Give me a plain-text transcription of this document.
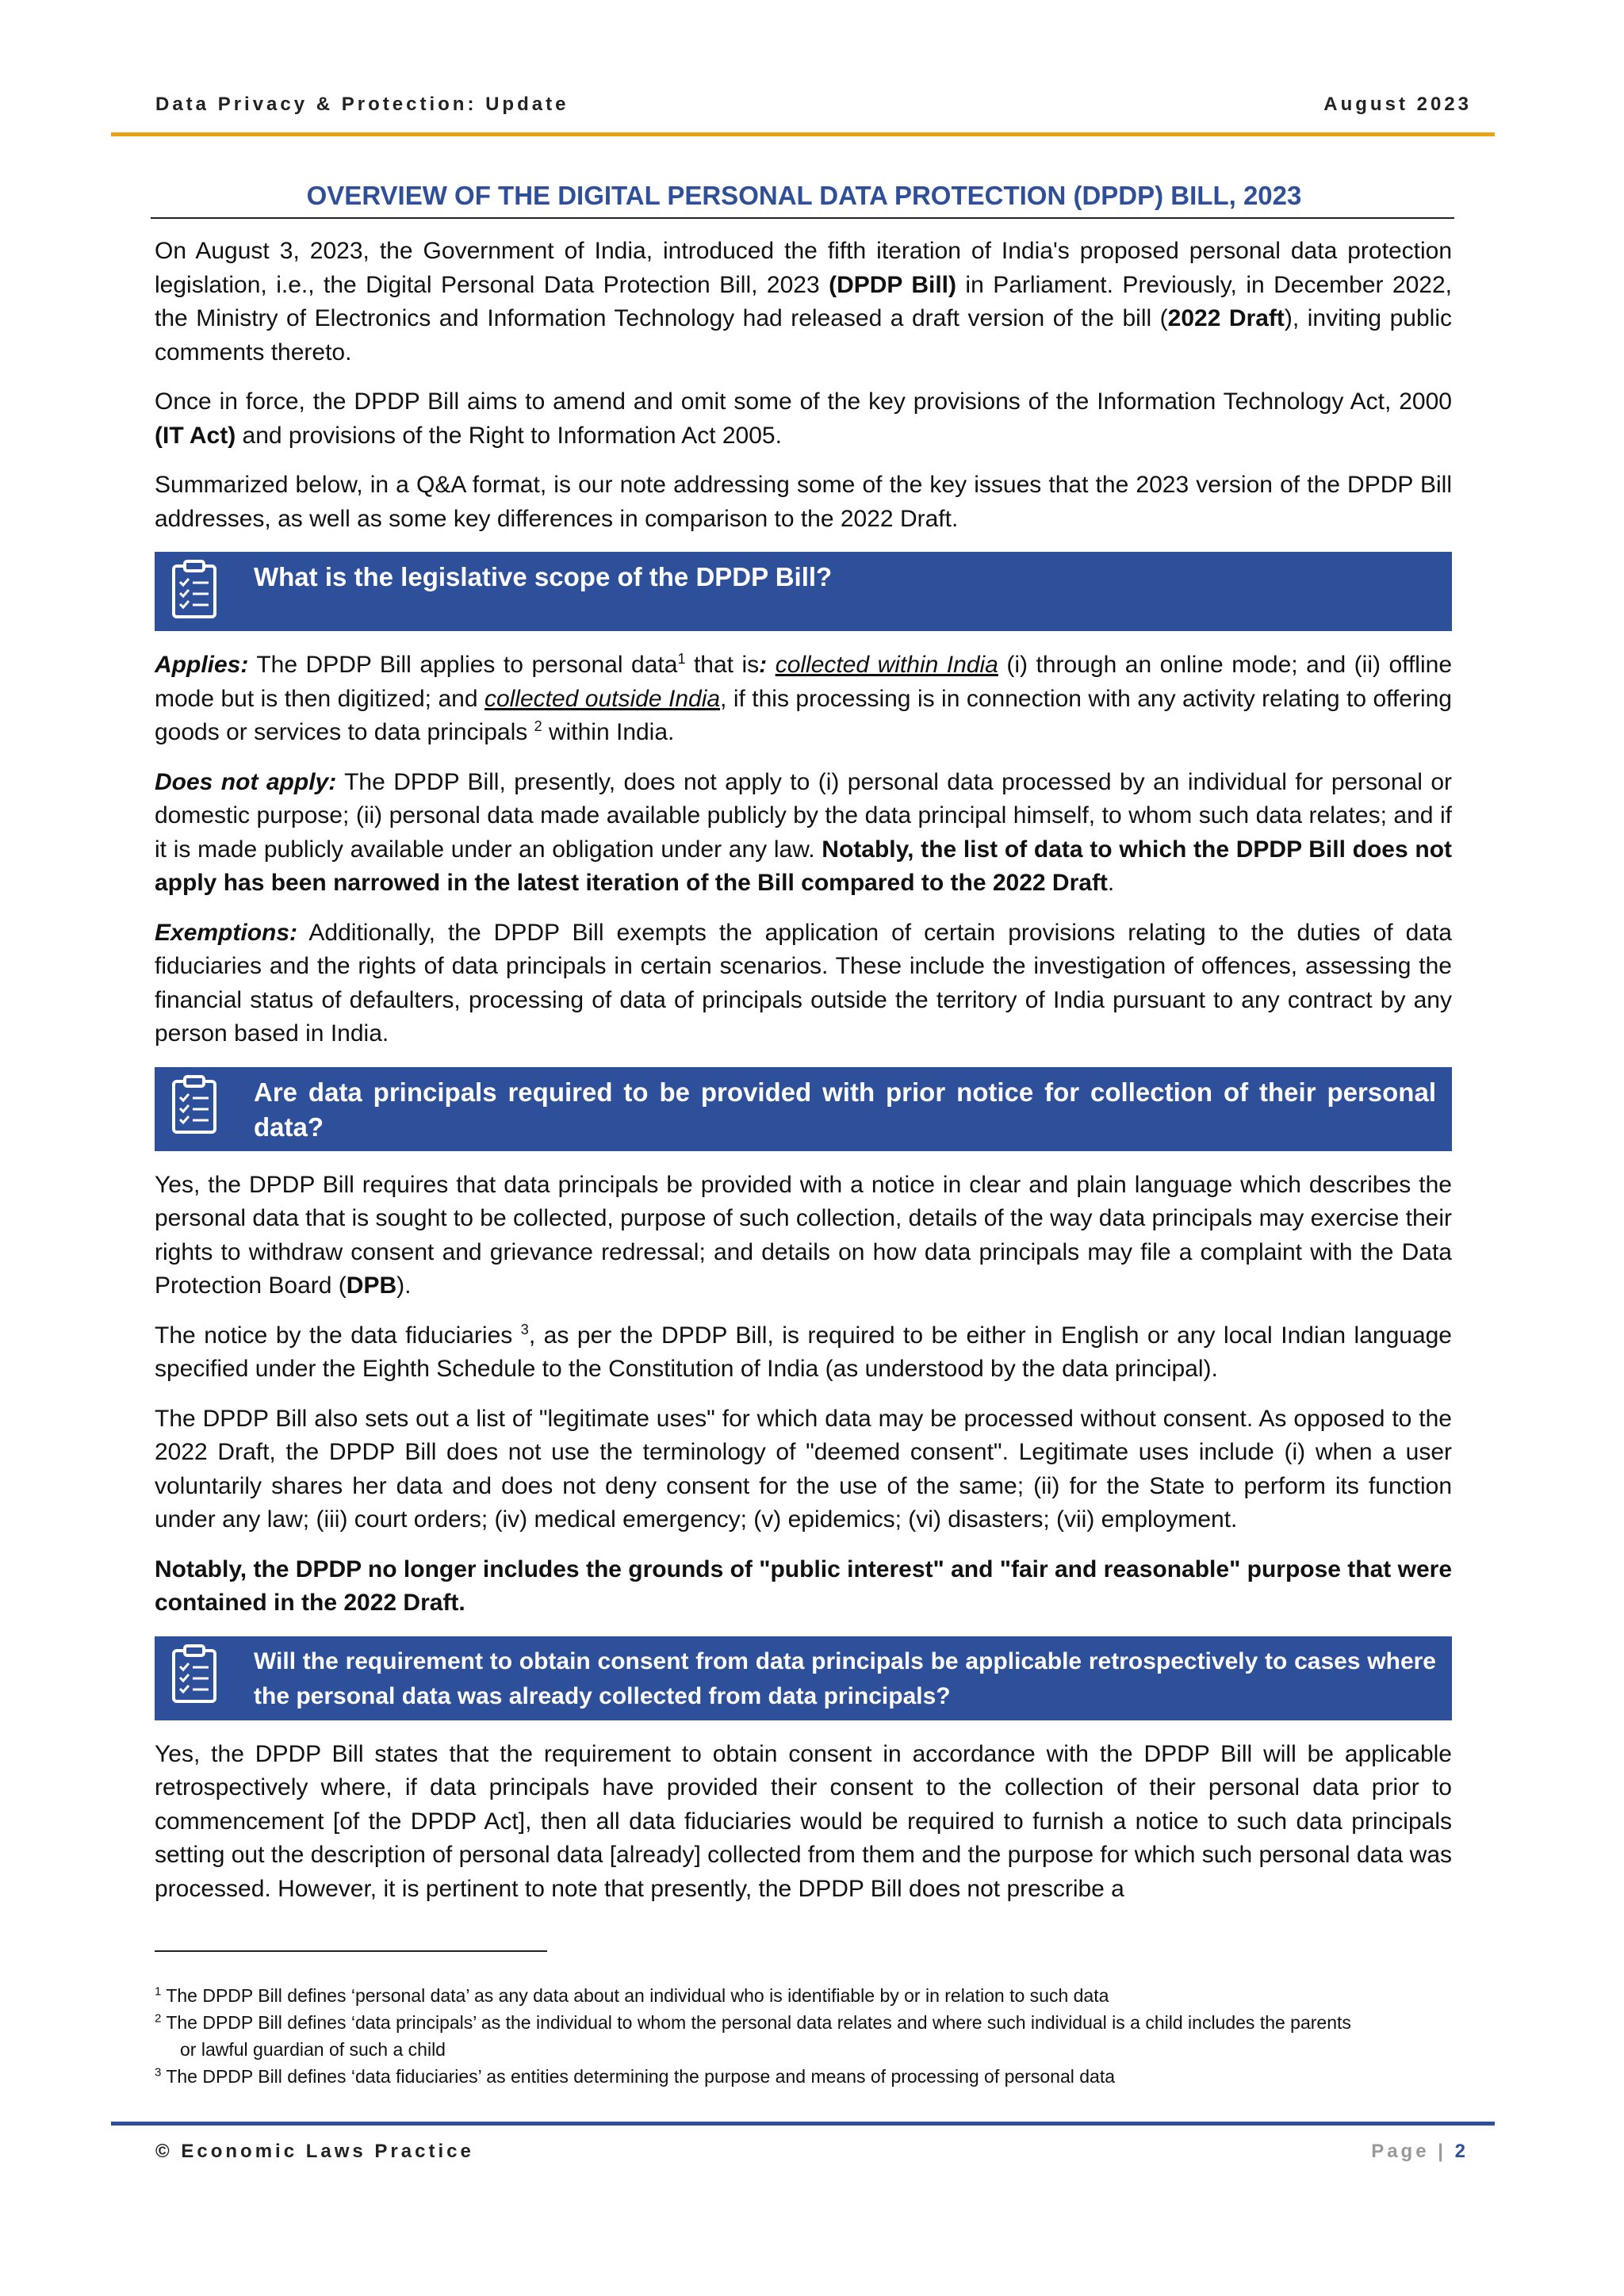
Data Privacy & Protection: Update	August 2023
OVERVIEW OF THE DIGITAL PERSONAL DATA PROTECTION (DPDP) BILL, 2023

On August 3, 2023, the Government of India, introduced the fifth iteration of India's proposed personal data protection legislation, i.e., the Digital Personal Data Protection Bill, 2023 (DPDP Bill) in Parliament. Previously, in December 2022, the Ministry of Electronics and Information Technology had released a draft version of the bill (2022 Draft), inviting public comments thereto.

Once in force, the DPDP Bill aims to amend and omit some of the key provisions of the Information Technology Act, 2000 (IT Act) and provisions of the Right to Information Act 2005.

Summarized below, in a Q&A format, is our note addressing some of the key issues that the 2023 version of the DPDP Bill addresses, as well as some key differences in comparison to the 2022 Draft.

What is the legislative scope of the DPDP Bill?

Applies: The DPDP Bill applies to personal data$^1$ that is: collected within India (i) through an online mode; and (ii) offline mode but is then digitized; and collected outside India, if this processing is in connection with any activity relating to offering goods or services to data principals $^2$ within India.

Does not apply: The DPDP Bill, presently, does not apply to (i) personal data processed by an individual for personal or domestic purpose; (ii) personal data made available publicly by the data principal himself, to whom such data relates; and if it is made publicly available under an obligation under any law. Notably, the list of data to which the DPDP Bill does not apply has been narrowed in the latest iteration of the Bill compared to the 2022 Draft.

Exemptions: Additionally, the DPDP Bill exempts the application of certain provisions relating to the duties of data fiduciaries and the rights of data principals in certain scenarios. These include the investigation of offences, assessing the financial status of defaulters, processing of data of principals outside the territory of India pursuant to any contract by any person based in India.

Are data principals required to be provided with prior notice for collection of their personal data?

Yes, the DPDP Bill requires that data principals be provided with a notice in clear and plain language which describes the personal data that is sought to be collected, purpose of such collection, details of the way data principals may exercise their rights to withdraw consent and grievance redressal; and details on how data principals may file a complaint with the Data Protection Board (DPB).

The notice by the data fiduciaries $^3$, as per the DPDP Bill, is required to be either in English or any local Indian language specified under the Eighth Schedule to the Constitution of India (as understood by the data principal).

The DPDP Bill also sets out a list of "legitimate uses" for which data may be processed without consent. As opposed to the 2022 Draft, the DPDP Bill does not use the terminology of "deemed consent". Legitimate uses include (i) when a user voluntarily shares her data and does not deny consent for the use of the same; (ii) for the State to perform its function under any law; (iii) court orders; (iv) medical emergency; (v) epidemics; (vi) disasters; (vii) employment.

Notably, the DPDP no longer includes the grounds of "public interest" and "fair and reasonable" purpose that were contained in the 2022 Draft.

Will the requirement to obtain consent from data principals be applicable retrospectively to cases where the personal data was already collected from data principals?

Yes, the DPDP Bill states that the requirement to obtain consent in accordance with the DPDP Bill will be applicable retrospectively where, if data principals have provided their consent to the collection of their personal data prior to commencement [of the DPDP Act], then all data fiduciaries would be required to furnish a notice to such data principals setting out the description of personal data [already] collected from them and the purpose for which such personal data was processed. However, it is pertinent to note that presently, the DPDP Bill does not prescribe a

$^1$ The DPDP Bill defines ‘personal data’ as any data about an individual who is identifiable by or in relation to such data
$^2$ The DPDP Bill defines ‘data principals’ as the individual to whom the personal data relates and where such individual is a child includes the parents
or lawful guardian of such a child
$^3$ The DPDP Bill defines ‘data fiduciaries’ as entities determining the purpose and means of processing of personal data
© Economic Laws Practice	Page | 2
